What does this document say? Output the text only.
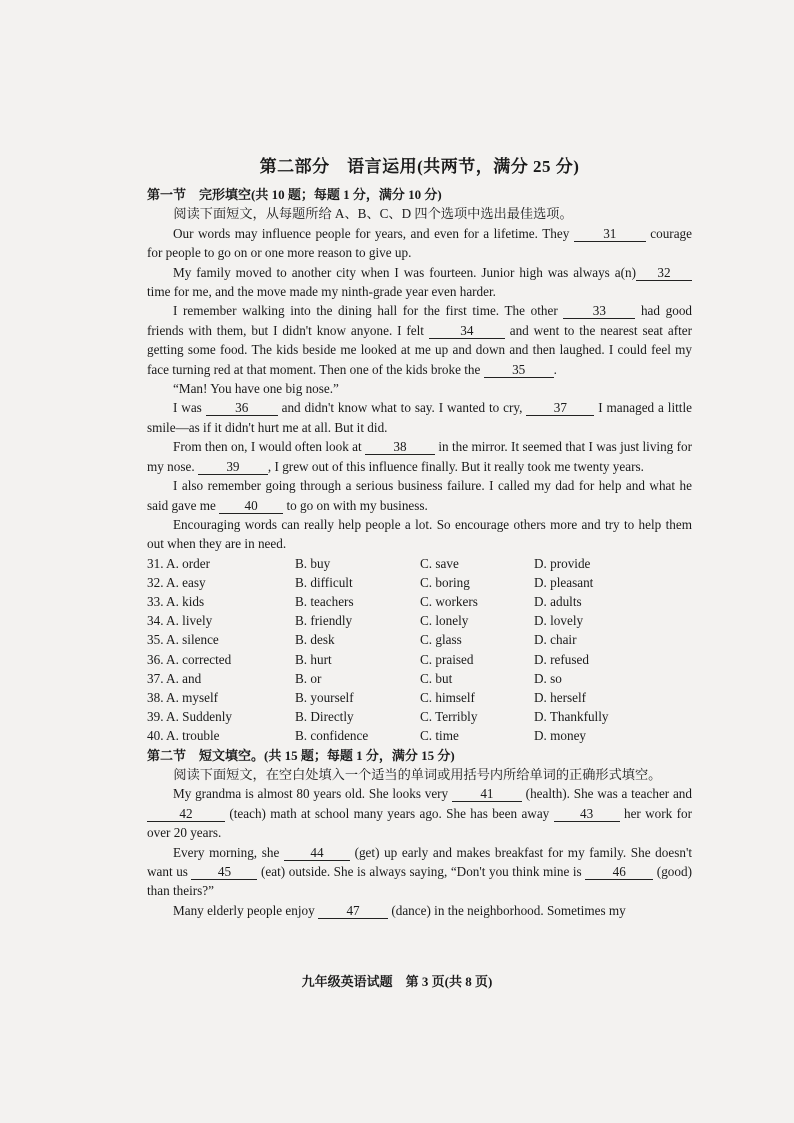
第二部分　语言运用(共两节，满分 25 分)
第一节　完形填空(共 10 题；每题 1 分，满分 10 分)
阅读下面短文，从每题所给 A、B、C、D 四个选项中选出最佳选项。

Our words may influence people for years, and even for a lifetime. They 31 courage for people to go on or one more reason to give up.

My family moved to another city when I was fourteen. Junior high was always a(n) 32 time for me, and the move made my ninth-grade year even harder.

I remember walking into the dining hall for the first time. The other 33 had good friends with them, but I didn't know anyone. I felt 34 and went to the nearest seat after getting some food. The kids beside me looked at me up and down and then laughed. I could feel my face turning red at that moment. Then one of the kids broke the 35 .

“Man! You have one big nose.”

I was 36 and didn't know what to say. I wanted to cry, 37 I managed a little smile—as if it didn't hurt me at all. But it did.

From then on, I would often look at 38 in the mirror. It seemed that I was just living for my nose. 39 , I grew out of this influence finally. But it really took me twenty years.

I also remember going through a serious business failure. I called my dad for help and what he said gave me 40 to go on with my business.

Encouraging words can really help people a lot. So encourage others more and try to help them out when they are in need.

31. A. order	B. buy	C. save	D. provide
32. A. easy	B. difficult	C. boring	D. pleasant
33. A. kids	B. teachers	C. workers	D. adults
34. A. lively	B. friendly	C. lonely	D. lovely
35. A. silence	B. desk	C. glass	D. chair
36. A. corrected	B. hurt	C. praised	D. refused
37. A. and	B. or	C. but	D. so
38. A. myself	B. yourself	C. himself	D. herself
39. A. Suddenly	B. Directly	C. Terribly	D. Thankfully
40. A. trouble	B. confidence	C. time	D. money
第二节　短文填空。(共 15 题；每题 1 分，满分 15 分)
阅读下面短文，在空白处填入一个适当的单词或用括号内所给单词的正确形式填空。

My grandma is almost 80 years old. She looks very 41 (health). She was a teacher and 42 (teach) math at school many years ago. She has been away 43 her work for over 20 years.

Every morning, she 44 (get) up early and makes breakfast for my family. She doesn't want us 45 (eat) outside. She is always saying, “Don't you think mine is 46 (good) than theirs?”

Many elderly people enjoy 47 (dance) in the neighborhood. Sometimes my

九年级英语试题　第 3 页(共 8 页)
